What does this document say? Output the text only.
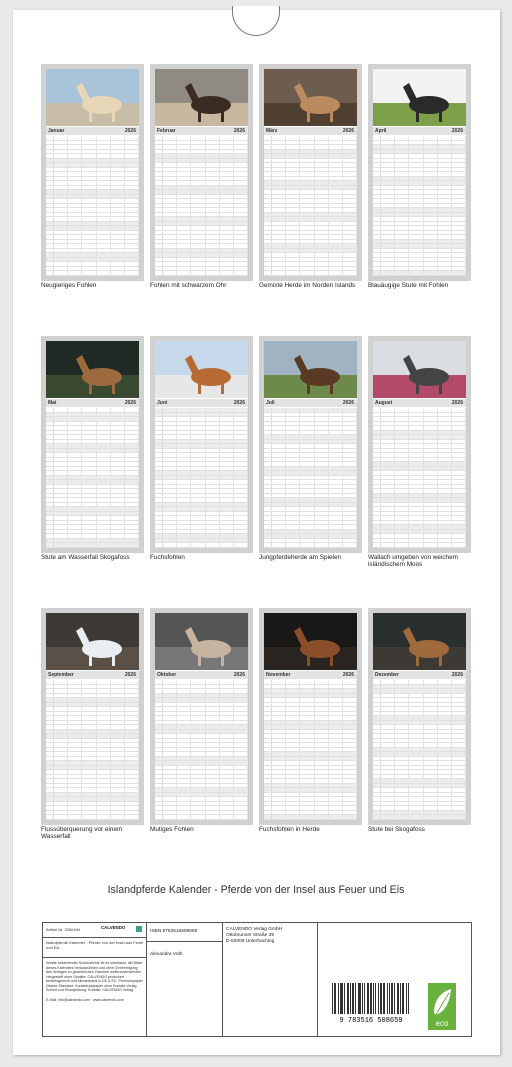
Januar	2026
Neugieriges Fohlen
Februar	2026
Fohlen mit schwarzem Ohr
März	2026
Gemixte Herde im Norden Islands
April	2026
Blauäugige Stute mit Fohlen
Mai	2026
Stute am Wasserfall Skogafoss
Juni	2026
Fuchsfohlen
Juli	2026
Jungpferdeherde am Spielen
August	2026
Wallach umgeben von weichem isländischem Moos
September	2026
Flussüberquerung vor einem Wasserfall
Oktober	2026
Mutiges Fohlen
November	2026
Fuchsfohlen in Herde
Dezember	2026
Stute bei Skogafoss
Islandpferde Kalender - Pferde von der Insel aus Feuer und Eis
Artikel Nr. 2060494	CALVENDO
Islandpferde Kalender - Pferde von der Insel aus Feuer und Eis
Inhalte bestehender Schutzrechte ist es unterlasst, die Bilder dieses Kalenders herauszulösen und ohne Genehmigung des Verlages zu gewerblichen Zwecken weiterzuverwenden. Hergestellt ohne Gewähr. CALVENDO produziert bedarfsgerecht und klimaneutral in DE & EU. Premiumpapier Ostsee-Standard. Kunstdruckpapier ohne Kontakt Verlag Schuld und Eisndprüfung. Kontakt: CALVENDO Verlag.
E-Mail: info@calvendo.com · www.calvendo.com
ISBN 9783516508659
Alexandra Voth
CALVENDO Verlag GmbH
Ottobrunner Straße 39
D-82008 Unterhaching
9 783516 508659	eco
